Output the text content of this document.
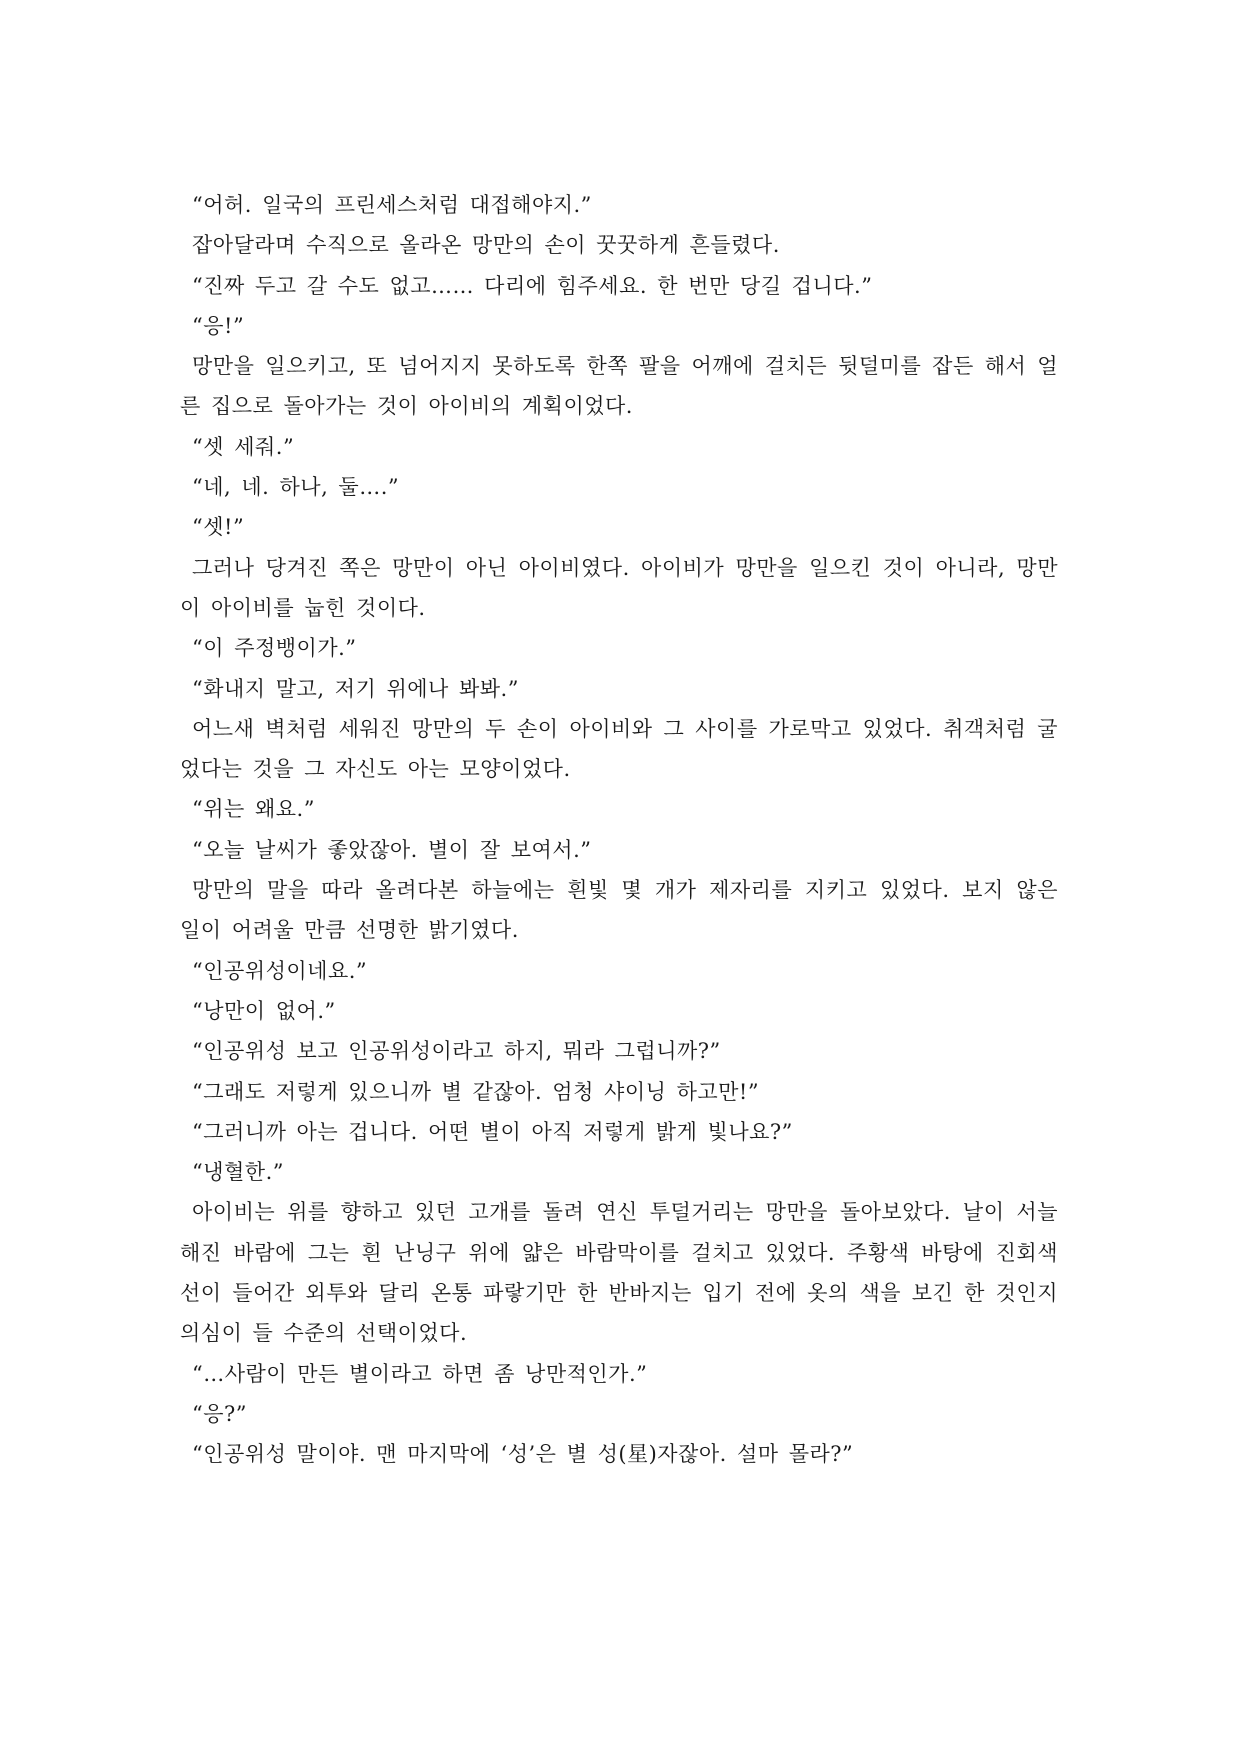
“어허. 일국의 프린세스처럼 대접해야지.”

잡아달라며 수직으로 올라온 망만의 손이 꿋꿋하게 흔들렸다.

“진짜 두고 갈 수도 없고…… 다리에 힘주세요. 한 번만 당길 겁니다.”

“응!”

망만을 일으키고, 또 넘어지지 못하도록 한쪽 팔을 어깨에 걸치든 뒷덜미를 잡든 해서 얼른 집으로 돌아가는 것이 아이비의 계획이었다.

“셋 세줘.”

“네, 네. 하나, 둘….”

“셋!”

그러나 당겨진 쪽은 망만이 아닌 아이비였다. 아이비가 망만을 일으킨 것이 아니라, 망만이 아이비를 눕힌 것이다.

“이 주정뱅이가.”

“화내지 말고, 저기 위에나 봐봐.”

어느새 벽처럼 세워진 망만의 두 손이 아이비와 그 사이를 가로막고 있었다. 취객처럼 굴었다는 것을 그 자신도 아는 모양이었다.

“위는 왜요.”

“오늘 날씨가 좋았잖아. 별이 잘 보여서.”

망만의 말을 따라 올려다본 하늘에는 흰빛 몇 개가 제자리를 지키고 있었다. 보지 않은 일이 어려울 만큼 선명한 밝기였다.

“인공위성이네요.”

“낭만이 없어.”

“인공위성 보고 인공위성이라고 하지, 뭐라 그럽니까?”

“그래도 저렇게 있으니까 별 같잖아. 엄청 샤이닝 하고만!”

“그러니까 아는 겁니다. 어떤 별이 아직 저렇게 밝게 빛나요?”

“냉혈한.”

아이비는 위를 향하고 있던 고개를 돌려 연신 투덜거리는 망만을 돌아보았다. 날이 서늘해진 바람에 그는 흰 난닝구 위에 얇은 바람막이를 걸치고 있었다. 주황색 바탕에 진회색 선이 들어간 외투와 달리 온통 파랗기만 한 반바지는 입기 전에 옷의 색을 보긴 한 것인지 의심이 들 수준의 선택이었다.

“…사람이 만든 별이라고 하면 좀 낭만적인가.”

“응?”

“인공위성 말이야. 맨 마지막에 ‘성’은 별 성(星)자잖아. 설마 몰라?”
